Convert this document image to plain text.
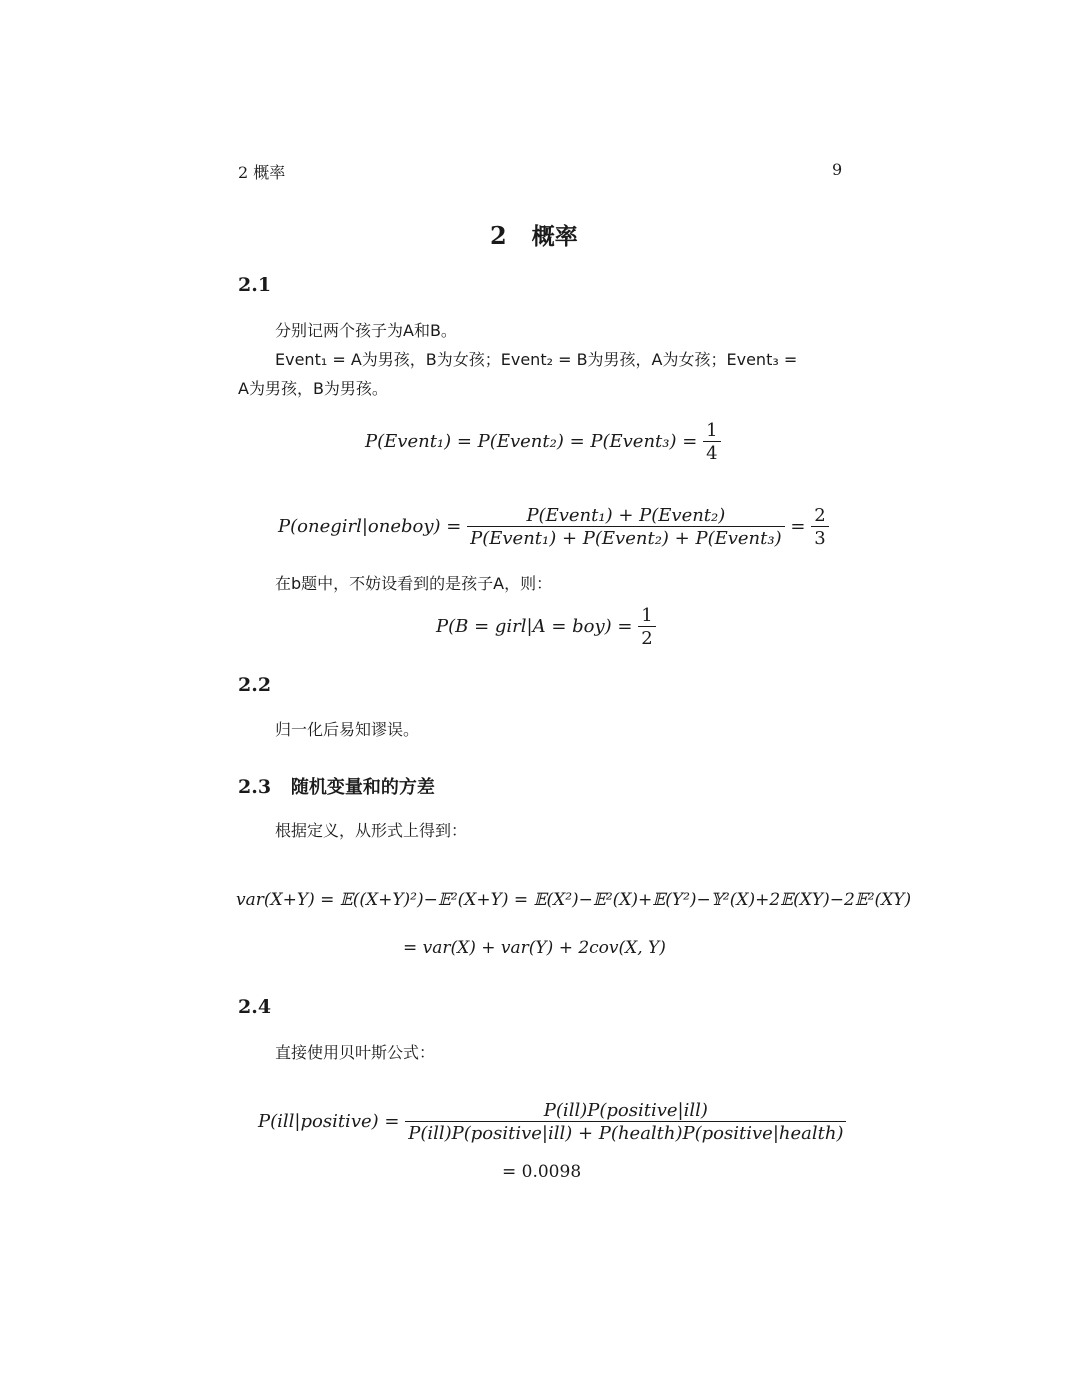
2 概率	9
2 概率
2.1
分别记两个孩子为A和B。
Event₁ = A为男孩，B为女孩；Event₂ = B为男孩，A为女孩；Event₃ =
A为男孩，B为男孩。
P(Event₁) = P(Event₂) = P(Event₃) = $\frac{1}{4}$
P(onegirl|oneboy) = $\frac{\text{P(Event₁) + P(Event₂)}}{\text{P(Event₁) + P(Event₂) + P(Event₃)}} = \frac{2}{3}$
在b题中，不妨设看到的是孩子A，则：
P(B = girl|A = $boy) = \frac{1}{2}$
2.2
归一化后易知谬误。
2.3 随机变量和的方差
根据定义，从形式上得到：
var(X+Y) = 𝔼((X+Y)²)−𝔼²(X+Y) = 𝔼(X²)−𝔼²(X)+𝔼(Y²)−𝕐²(X)+2𝔼(XY)−2𝔼²(XY)
= var(X) + var(Y) + 2cov(X, Y)
2.4
直接使用贝叶斯公式：
P(ill|positive) = $\frac{\text{P(ill)P(positive|ill)}}{\text{P(ill)P(positive|ill) + P(health)P(positive|health)}}$
= 0.0098
